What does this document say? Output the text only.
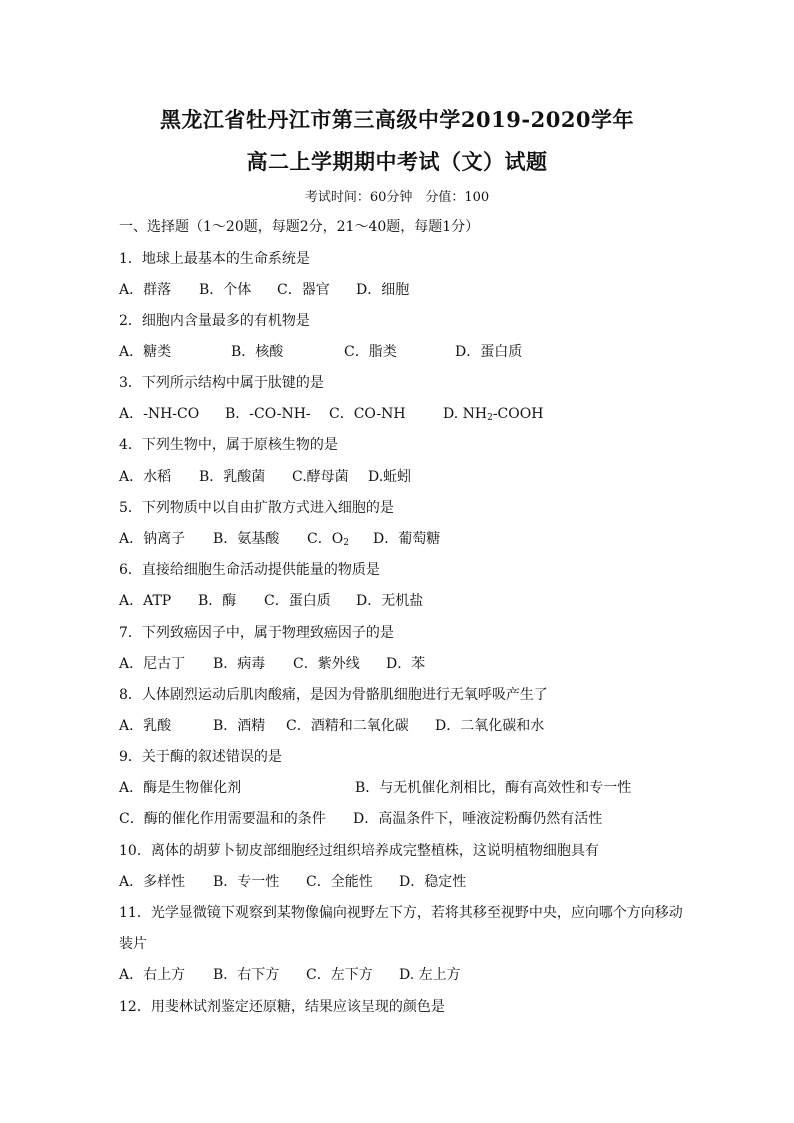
黑龙江省牡丹江市第三高级中学2019-2020学年
高二上学期期中考试（文）试题
考试时间：60分钟　分值：100
一、选择题（1～20题，每题2分，21～40题，每题1分）
1．地球上最基本的生命系统是
A．群落 B．个体 C．器官 D．细胞
2．细胞内含量最多的有机物是
A．糖类	B．核酸	C．脂类	D．蛋白质
3．下列所示结构中属于肽键的是
A．-NH-CO B．-CO-NH- C．CO-NH	D. $NH_2$-COOH
4．下列生物中，属于原核生物的是
A．水稻 B．乳酸菌 C.酵母菌 D.蚯蚓
5．下列物质中以自由扩散方式进入细胞的是
A．钠离子 B．氨基酸 C．$O_2$ D．葡萄糖
6．直接给细胞生命活动提供能量的物质是
A．ATP B．酶 C．蛋白质 D．无机盐
7．下列致癌因子中，属于物理致癌因子的是
A．尼古丁 B．病毒 C．紫外线 D．苯
8．人体剧烈运动后肌肉酸痛，是因为骨骼肌细胞进行无氧呼吸产生了
A．乳酸	B．酒精 C．酒精和二氧化碳 D．二氧化碳和水
9．关于酶的叙述错误的是
A．酶是生物催化剂	B．与无机催化剂相比，酶有高效性和专一性
C．酶的催化作用需要温和的条件 D．高温条件下，唾液淀粉酶仍然有活性
10．离体的胡萝卜韧皮部细胞经过组织培养成完整植株，这说明植物细胞具有
A．多样性 B．专一性 C．全能性 D．稳定性
11．光学显微镜下观察到某物像偏向视野左下方，若将其移至视野中央，应向哪个方向移动
装片
A．右上方 B．右下方 C．左下方 D. 左上方
12．用斐林试剂鉴定还原糖，结果应该呈现的颜色是
